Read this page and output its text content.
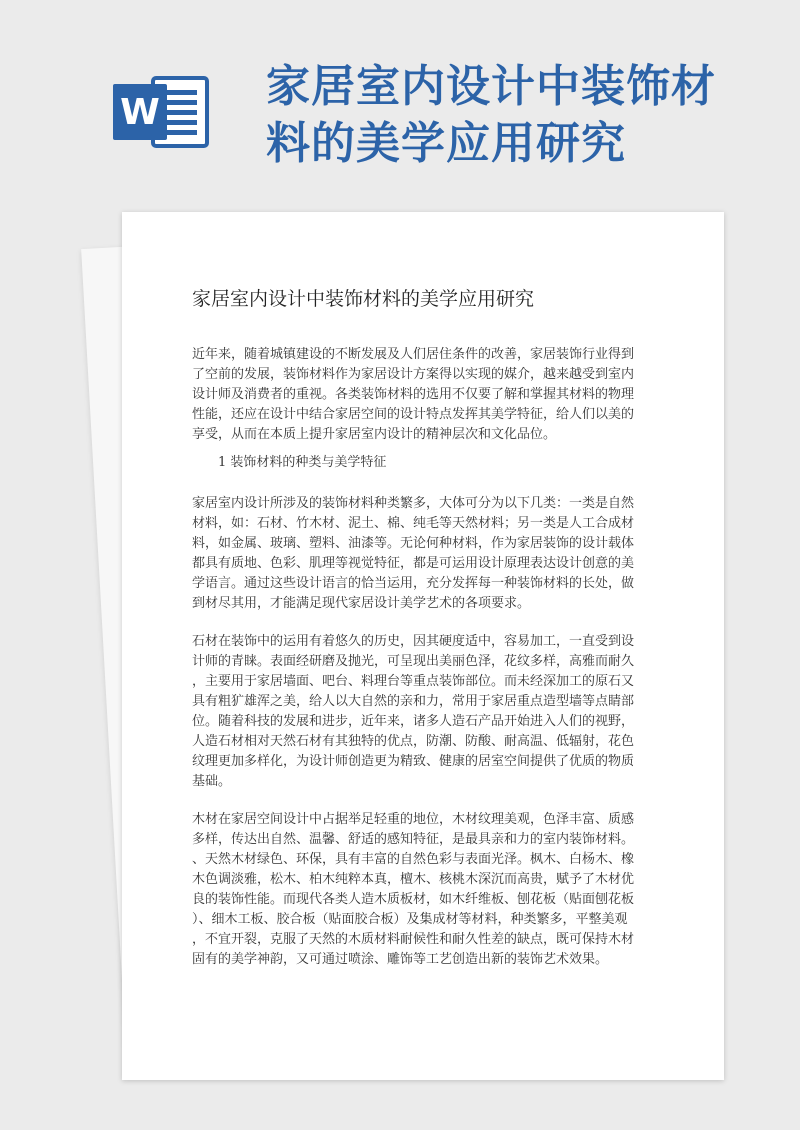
W
家居室内设计中装饰材
料的美学应用研究
家居室内设计中装饰材料的美学应用研究
近年来，随着城镇建设的不断发展及人们居住条件的改善，家居装饰行业得到
了空前的发展，装饰材料作为家居设计方案得以实现的媒介，越来越受到室内
设计师及消费者的重视。各类装饰材料的选用不仅要了解和掌握其材料的物理
性能，还应在设计中结合家居空间的设计特点发挥其美学特征，给人们以美的
享受，从而在本质上提升家居室内设计的精神层次和文化品位。

1 装饰材料的种类与美学特征

家居室内设计所涉及的装饰材料种类繁多，大体可分为以下几类：一类是自然
材料，如：石材、竹木材、泥土、棉、纯毛等天然材料；另一类是人工合成材
料，如金属、玻璃、塑料、油漆等。无论何种材料，作为家居装饰的设计载体
都具有质地、色彩、肌理等视觉特征，都是可运用设计原理表达设计创意的美
学语言。通过这些设计语言的恰当运用，充分发挥每一种装饰材料的长处，做
到材尽其用，才能满足现代家居设计美学艺术的各项要求。
石材在装饰中的运用有着悠久的历史，因其硬度适中，容易加工，一直受到设
计师的青睐。表面经研磨及抛光，可呈现出美丽色泽，花纹多样，高雅而耐久
，主要用于家居墙面、吧台、料理台等重点装饰部位。而未经深加工的原石又
具有粗犷雄浑之美，给人以大自然的亲和力，常用于家居重点造型墙等点睛部
位。随着科技的发展和进步，近年来，诸多人造石产品开始进入人们的视野，
人造石材相对天然石材有其独特的优点，防潮、防酸、耐高温、低辐射，花色
纹理更加多样化，为设计师创造更为精致、健康的居室空间提供了优质的物质
基础。
木材在家居空间设计中占据举足轻重的地位，木材纹理美观，色泽丰富、质感
多样，传达出自然、温馨、舒适的感知特征，是最具亲和力的室内装饰材料。
、天然木材绿色、环保，具有丰富的自然色彩与表面光泽。枫木、白杨木、橡
木色调淡雅，松木、柏木纯粹本真，檀木、核桃木深沉而高贵，赋予了木材优
良的装饰性能。而现代各类人造木质板材，如木纤维板、刨花板（贴面刨花板
）、细木工板、胶合板（贴面胶合板）及集成材等材料，种类繁多，平整美观
，不宜开裂，克服了天然的木质材料耐候性和耐久性差的缺点，既可保持木材
固有的美学神韵，又可通过喷涂、雕饰等工艺创造出新的装饰艺术效果。
